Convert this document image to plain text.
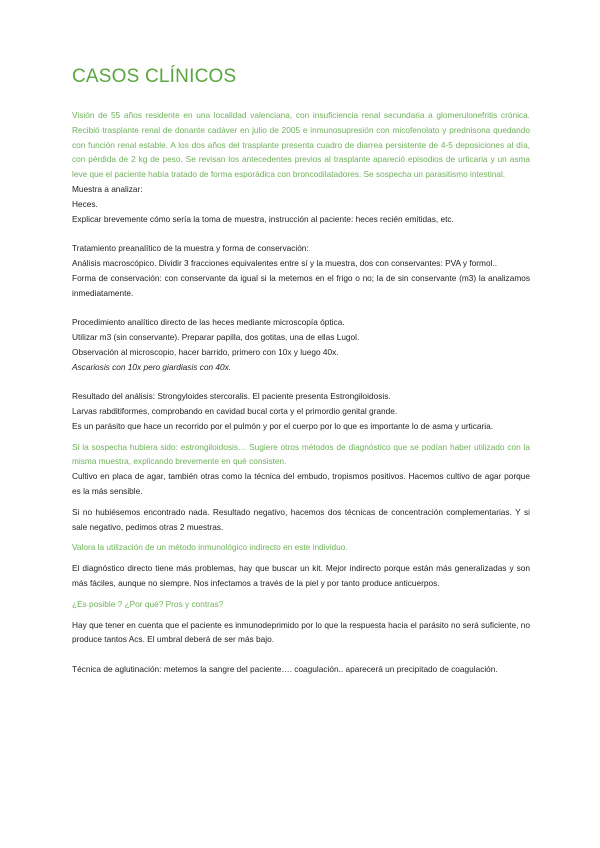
CASOS CLÍNICOS

Visión de 55 años residente en una localidad valenciana, con insuficiencia renal secundaria a glomerulonefritis crónica. Recibió trasplante renal de donante cadáver en julio de 2005 e inmunosupresión con micofenolato y prednisona quedando con función renal estable. A los dos años del trasplante presenta cuadro de diarrea persistente de 4-5 deposiciones al día, con pérdida de 2 kg de peso. Se revisan los antecedentes previos al trasplante apareció episodios de urticaria y un asma leve que el paciente había tratado de forma esporádica con broncodilatadores. Se sospecha un parasitismo intestinal.

Muestra a analizar:

Heces.

Explicar brevemente cómo sería la toma de muestra, instrucción al paciente: heces recién emitidas, etc.

Tratamiento preanalítico de la muestra y forma de conservación:

Análisis macroscópico. Dividir 3 fracciones equivalentes entre sí y la muestra, dos con conservantes: PVA y formol..

Forma de conservación: con conservante da igual si la metemos en el frigo o no; la de sin conservante (m3) la analizamos inmediatamente.

Procedimiento analítico directo de las heces mediante microscopía óptica.

Utilizar m3 (sin conservante). Preparar papilla, dos gotitas, una de ellas Lugol.

Observación al microscopio, hacer barrido, primero con 10x y luego 40x.

Ascariosis con 10x pero giardiasis con 40x.

Resultado del análisis: Strongyloides stercoralis. El paciente presenta Estrongiloidosis.

Larvas rabditiformes, comprobando en cavidad bucal corta y el primordio genital grande.

Es un parásito que hace un recorrido por el pulmón y por el cuerpo por lo que es importante lo de asma y urticaria.

Si la sospecha hubiera sido: estrongiloidosis… Sugiere otros métodos de diagnóstico que se podían haber utilizado con la misma muestra, explicando brevemente en qué consisten.

Cultivo en placa de agar, también otras como la técnica del embudo, tropismos positivos. Hacemos cultivo de agar porque es la más sensible.

Si no hubiésemos encontrado nada. Resultado negativo, hacemos dos técnicas de concentración complementarias. Y si sale negativo, pedimos otras 2 muestras.

Valora la utilización de un método inmunológico indirecto en este individuo.

El diagnóstico directo tiene más problemas, hay que buscar un kit. Mejor indirecto porque están más generalizadas y son más fáciles, aunque no siempre. Nos infectamos a través de la piel y por tanto produce anticuerpos.

¿Es posible ? ¿Por qué? Pros y contras?

Hay que tener en cuenta que el paciente es inmunodeprimido por lo que la respuesta hacia el parásito no será suficiente, no produce tantos Acs. El umbral deberá de ser más bajo.

Técnica de aglutinación: metemos la sangre del paciente…. coagulación.. aparecerá un precipitado de coagulación.
